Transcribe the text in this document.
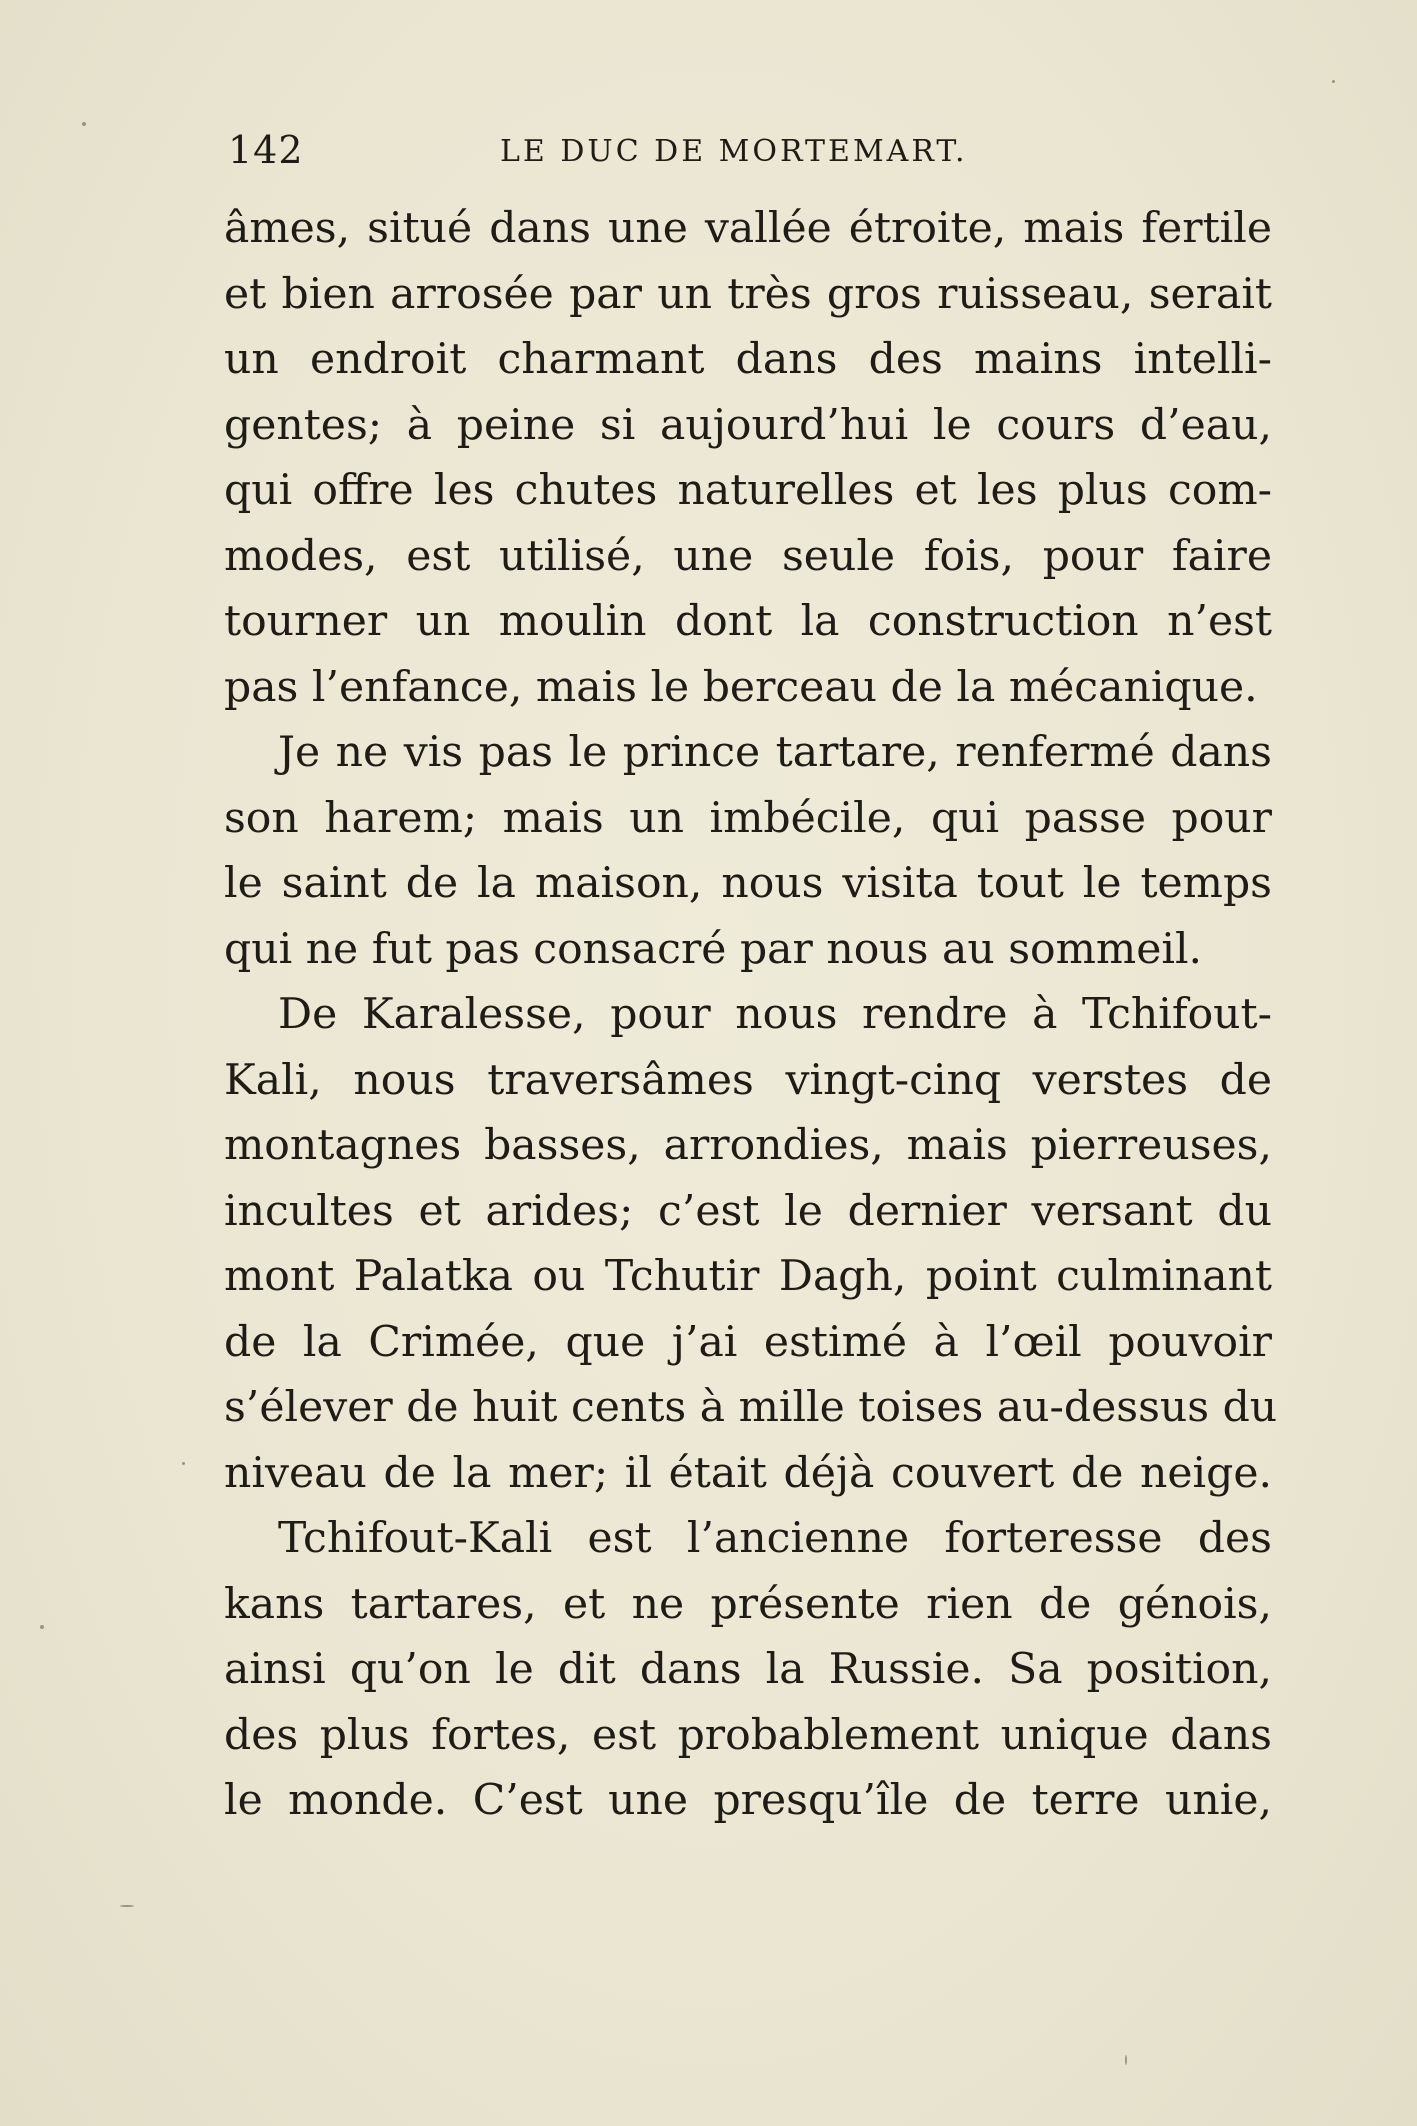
142	LE DUC DE MORTEMART.
âmes, situé dans une vallée étroite, mais fertile
et bien arrosée par un très gros ruisseau, serait
un endroit charmant dans des mains intelli-
gentes; à peine si aujourd’hui le cours d’eau,
qui offre les chutes naturelles et les plus com-
modes, est utilisé, une seule fois, pour faire
tourner un moulin dont la construction n’est
pas l’enfance, mais le berceau de la mécanique.
Je ne vis pas le prince tartare, renfermé dans
son harem; mais un imbécile, qui passe pour
le saint de la maison, nous visita tout le temps
qui ne fut pas consacré par nous au sommeil.
De Karalesse, pour nous rendre à Tchifout-
Kali, nous traversâmes vingt-cinq verstes de
montagnes basses, arrondies, mais pierreuses,
incultes et arides; c’est le dernier versant du
mont Palatka ou Tchutir Dagh, point culminant
de la Crimée, que j’ai estimé à l’œil pouvoir
s’élever de huit cents à mille toises au-dessus du
niveau de la mer; il était déjà couvert de neige.
Tchifout-Kali est l’ancienne forteresse des
kans tartares, et ne présente rien de génois,
ainsi qu’on le dit dans la Russie. Sa position,
des plus fortes, est probablement unique dans
le monde. C’est une presqu’île de terre unie,
